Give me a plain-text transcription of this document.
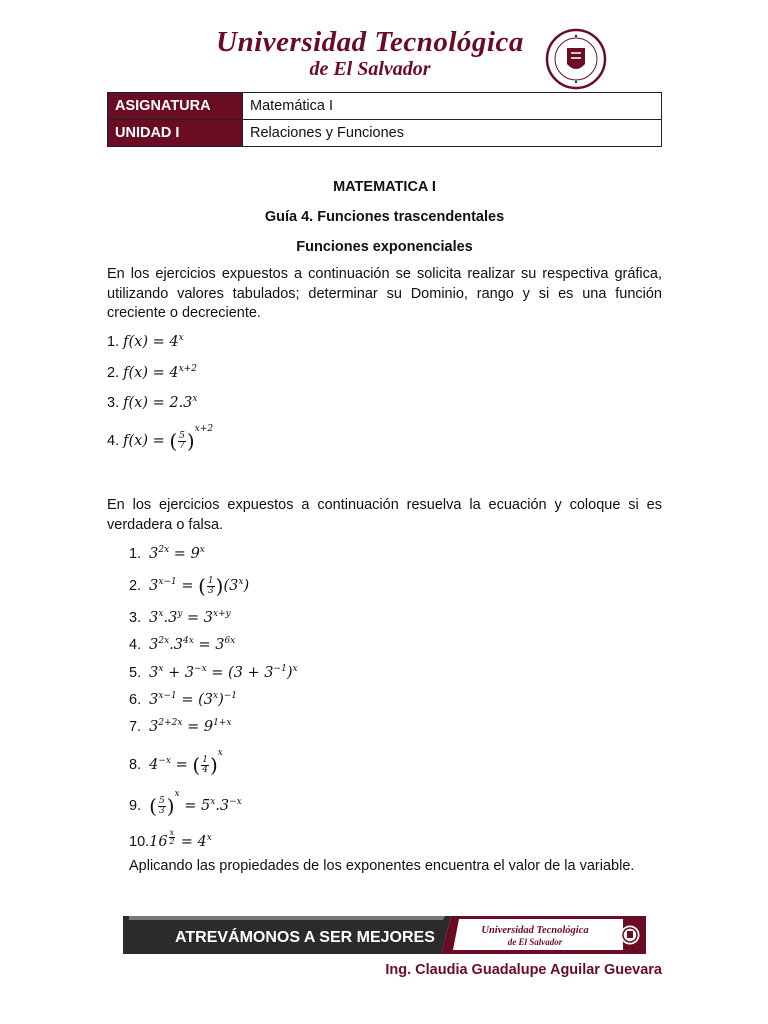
Universidad Tecnológica
de El Salvador
ASIGNATURA	Matemática I
UNIDAD I	Relaciones y Funciones
MATEMATICA I
Guía 4. Funciones trascendentales
Funciones exponenciales
En los ejercicios expuestos a continuación se solicita realizar su respectiva gráfica, utilizando valores tabulados; determinar su Dominio, rango y si es una función creciente o decreciente.
1. $f(x) = 4^x$
2. $f(x) = 4^{x+2}$
3. $f(x) = 2.3^x$
4. f(x) = ( $\frac{5}{7} )^{x+2}$
En los ejercicios expuestos a continuación resuelva la ecuación y coloque si es verdadera o falsa.
1. $3^{2x} = 9^x$
2. $3^{x-1}$ = ( $\frac{1}{3} )(3^x)$
3. $3^x.3^y = 3^{x+y}$
4. $3^{2x}.3^{4x} = 3^{6x}$
5. $3^x + 3^{-x} = (3 + 3^{-1})^x$
6. $3^{x-1} = (3^x)^{-1}$
7. $3^{2+2x} = 9^{1+x}$
8. $4^{-x}$ = ( $\frac{1}{4} )^x$
9. ( $\frac{5}{3} )^x = 5^x.3^{-x}$
10.16 $^{\frac{x}{2}} = 4^x$
Aplicando las propiedades de los exponentes encuentra el valor de la variable.
ATREVÁMONOS A SER MEJORES	Universidad Tecnológica
de El Salvador
Ing. Claudia Guadalupe Aguilar Guevara
